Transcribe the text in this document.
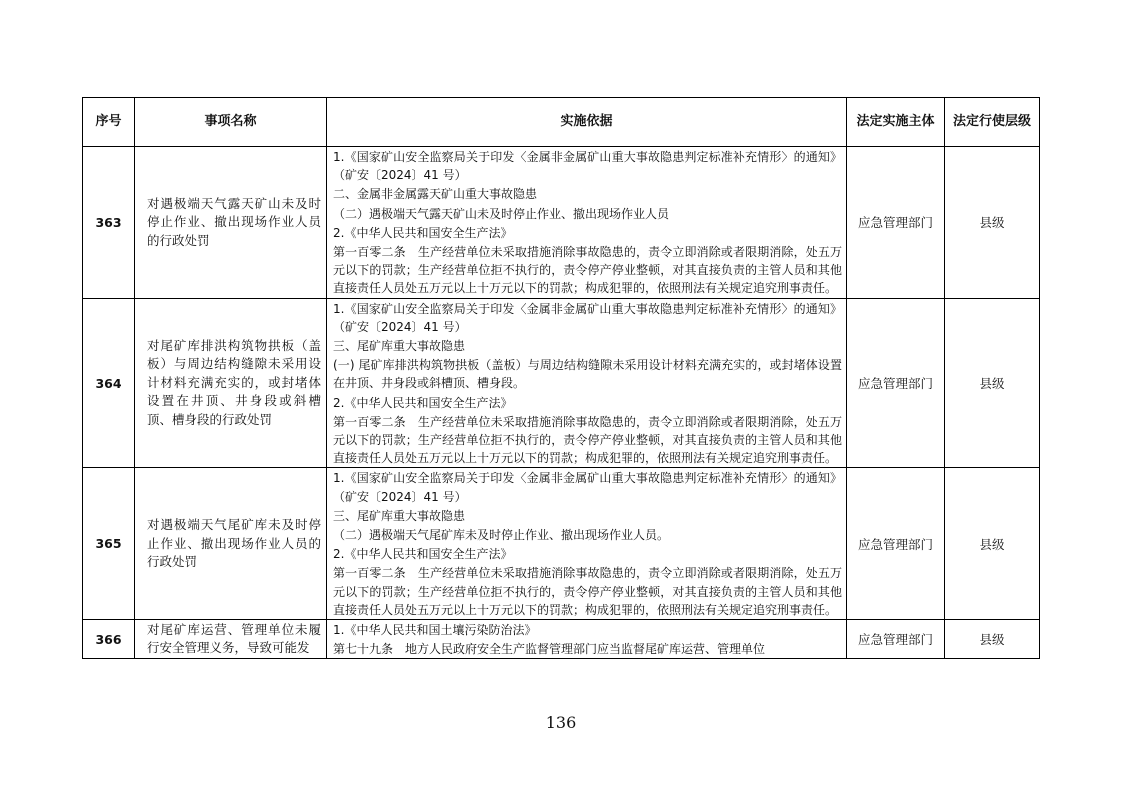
序号	事项名称	实施依据	法定实施主体	法定行使层级
363	对遇极端天气露天矿山未及时停止作业、撤出现场作业人员的行政处罚	1.《国家矿山安全监察局关于印发〈金属非金属矿山重大事故隐患判定标准补充情形〉的通知》（矿安〔2024〕41 号）
二、金属非金属露天矿山重大事故隐患
（二）遇极端天气露天矿山未及时停止作业、撤出现场作业人员
2.《中华人民共和国安全生产法》
第一百零二条　生产经营单位未采取措施消除事故隐患的，责令立即消除或者限期消除，处五万元以下的罚款；生产经营单位拒不执行的，责令停产停业整顿，对其直接负责的主管人员和其他直接责任人员处五万元以上十万元以下的罚款；构成犯罪的，依照刑法有关规定追究刑事责任。	应急管理部门	县级
364	对尾矿库排洪构筑物拱板（盖板）与周边结构缝隙未采用设计材料充满充实的，或封堵体设置在井顶、井身段或斜槽顶、槽身段的行政处罚	1.《国家矿山安全监察局关于印发〈金属非金属矿山重大事故隐患判定标准补充情形〉的通知》（矿安〔2024〕41 号）
三、尾矿库重大事故隐患
(一) 尾矿库排洪构筑物拱板（盖板）与周边结构缝隙未采用设计材料充满充实的，或封堵体设置在井顶、井身段或斜槽顶、槽身段。
2.《中华人民共和国安全生产法》
第一百零二条　生产经营单位未采取措施消除事故隐患的，责令立即消除或者限期消除，处五万元以下的罚款；生产经营单位拒不执行的，责令停产停业整顿，对其直接负责的主管人员和其他直接责任人员处五万元以上十万元以下的罚款；构成犯罪的，依照刑法有关规定追究刑事责任。	应急管理部门	县级
365	对遇极端天气尾矿库未及时停止作业、撤出现场作业人员的行政处罚	1.《国家矿山安全监察局关于印发〈金属非金属矿山重大事故隐患判定标准补充情形〉的通知》（矿安〔2024〕41 号）
三、尾矿库重大事故隐患
（二）遇极端天气尾矿库未及时停止作业、撤出现场作业人员。
2.《中华人民共和国安全生产法》
第一百零二条　生产经营单位未采取措施消除事故隐患的，责令立即消除或者限期消除，处五万元以下的罚款；生产经营单位拒不执行的，责令停产停业整顿，对其直接负责的主管人员和其他直接责任人员处五万元以上十万元以下的罚款；构成犯罪的，依照刑法有关规定追究刑事责任。	应急管理部门	县级
366	对尾矿库运营、管理单位未履行安全管理义务，导致可能发	1.《中华人民共和国土壤污染防治法》
第七十九条　地方人民政府安全生产监督管理部门应当监督尾矿库运营、管理单位	应急管理部门	县级
136
